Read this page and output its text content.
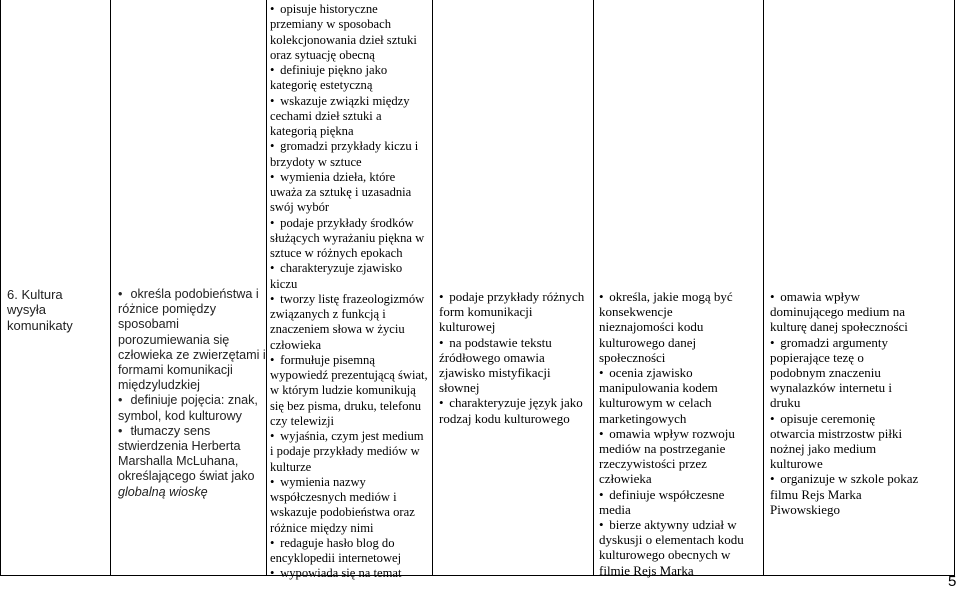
6. Kultura wysyła komunikaty

• określa podobieństwa i różnice pomiędzy sposobami porozumiewania się człowieka ze zwierzętami i formami komunikacji międzyludzkiej
• definiuje pojęcia: znak, symbol, kod kulturowy
• tłumaczy sens stwierdzenia Herberta Marshalla McLuhana, określającego świat jako globalną wioskę
• opisuje historyczne przemiany w sposobach kolekcjonowania dzieł sztuki oraz sytuację obecną
• definiuje piękno jako kategorię estetyczną
• wskazuje związki między cechami dzieł sztuki a kategorią piękna
• gromadzi przykłady kiczu i brzydoty w sztuce
• wymienia dzieła, które uważa za sztukę i uzasadnia swój wybór
• podaje przykłady środków służących wyrażaniu piękna w sztuce w różnych epokach
• charakteryzuje zjawisko kiczu
• tworzy listę frazeologizmów związanych z funkcją i znaczeniem słowa w życiu człowieka
• formułuje pisemną wypowiedź prezentującą świat, w którym ludzie komunikują się bez pisma, druku, telefonu czy telewizji
• wyjaśnia, czym jest medium i podaje przykłady mediów w kulturze
• wymienia nazwy współczesnych mediów i wskazuje podobieństwa oraz różnice między nimi
• redaguje hasło blog do encyklopedii internetowej
• wypowiada się na temat
• podaje przykłady różnych form komunikacji kulturowej
• na podstawie tekstu źródłowego omawia zjawisko mistyfikacji słownej
• charakteryzuje język jako rodzaj kodu kulturowego
• określa, jakie mogą być konsekwencje nieznajomości kodu kulturowego danej społeczności
• ocenia zjawisko manipulowania kodem kulturowym w celach marketingowych
• omawia wpływ rozwoju mediów na postrzeganie rzeczywistości przez człowieka
• definiuje współczesne media
• bierze aktywny udział w dyskusji o elementach kodu kulturowego obecnych w filmie Rejs Marka
• omawia wpływ dominującego medium na kulturę danej społeczności
• gromadzi argumenty popierające tezę o podobnym znaczeniu wynalazków internetu i druku
• opisuje ceremonię otwarcia mistrzostw piłki nożnej jako medium kulturowe
• organizuje w szkole pokaz filmu Rejs Marka Piwowskiego
5
